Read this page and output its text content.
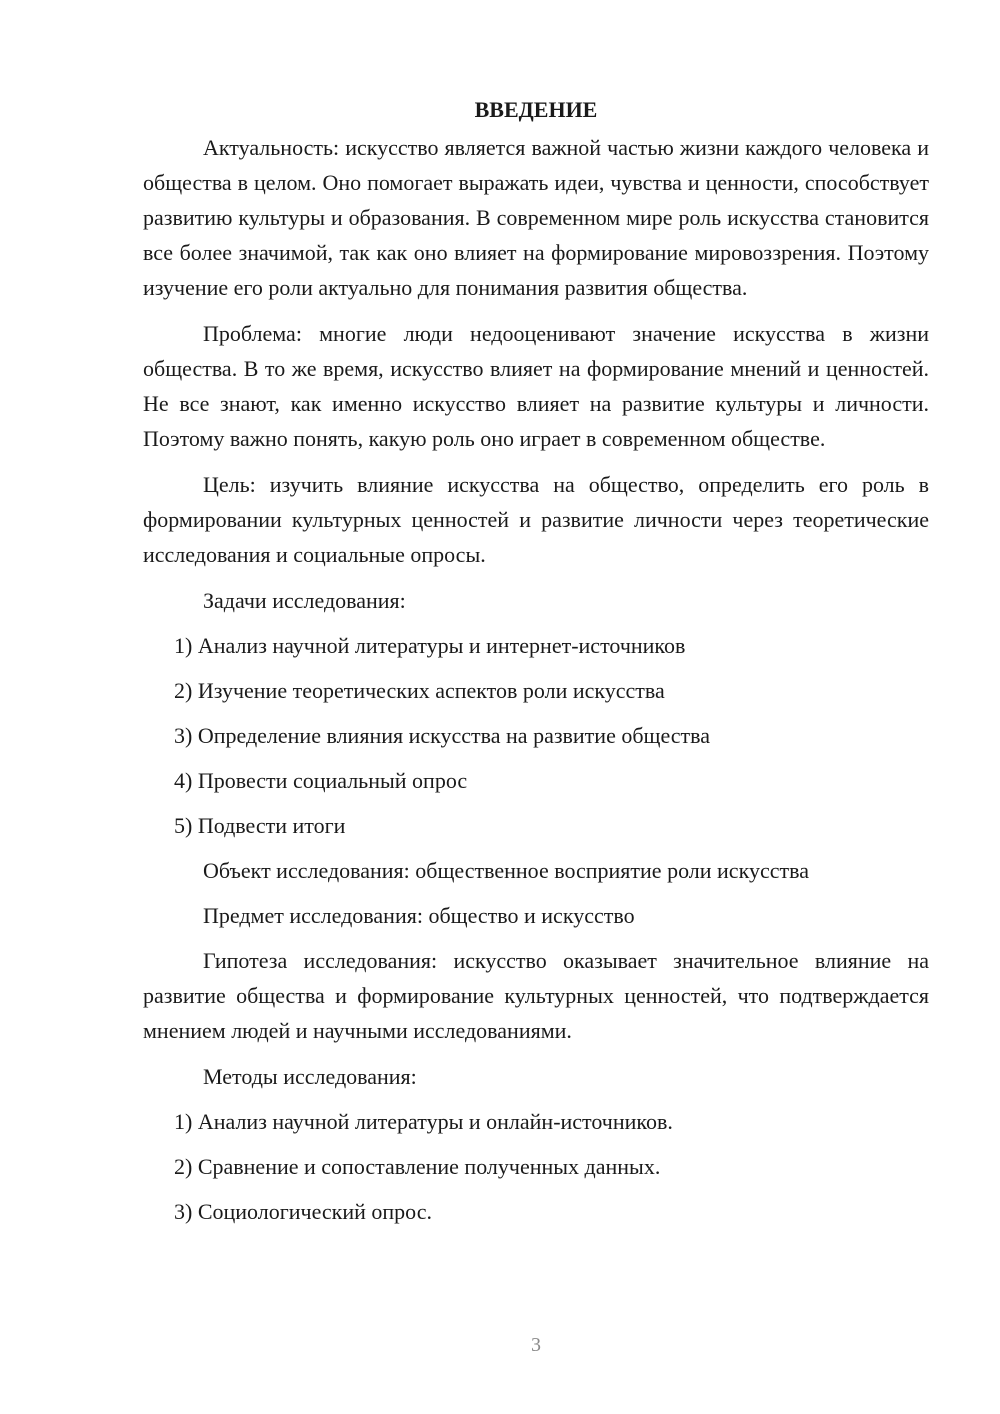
ВВЕДЕНИЕ

Актуальность: искусство является важной частью жизни каждого человека и общества в целом. Оно помогает выражать идеи, чувства и ценности, способствует развитию культуры и образования. В современном мире роль искусства становится все более значимой, так как оно влияет на формирование мировоззрения. Поэтому изучение его роли актуально для понимания развития общества.

Проблема: многие люди недооценивают значение искусства в жизни общества. В то же время, искусство влияет на формирование мнений и ценностей. Не все знают, как именно искусство влияет на развитие культуры и личности. Поэтому важно понять, какую роль оно играет в современном обществе.

Цель: изучить влияние искусства на общество, определить его роль в формировании культурных ценностей и развитие личности через теоретические исследования и социальные опросы.

Задачи исследования:
1) Анализ научной литературы и интернет-источников
2) Изучение теоретических аспектов роли искусства
3) Определение влияния искусства на развитие общества
4) Провести социальный опрос
5) Подвести итоги
Объект исследования: общественное восприятие роли искусства
Предмет исследования: общество и искусство

Гипотеза исследования: искусство оказывает значительное влияние на развитие общества и формирование культурных ценностей, что подтверждается мнением людей и научными исследованиями.

Методы исследования:
1) Анализ научной литературы и онлайн-источников.
2) Сравнение и сопоставление полученных данных.
3) Социологический опрос.
3
